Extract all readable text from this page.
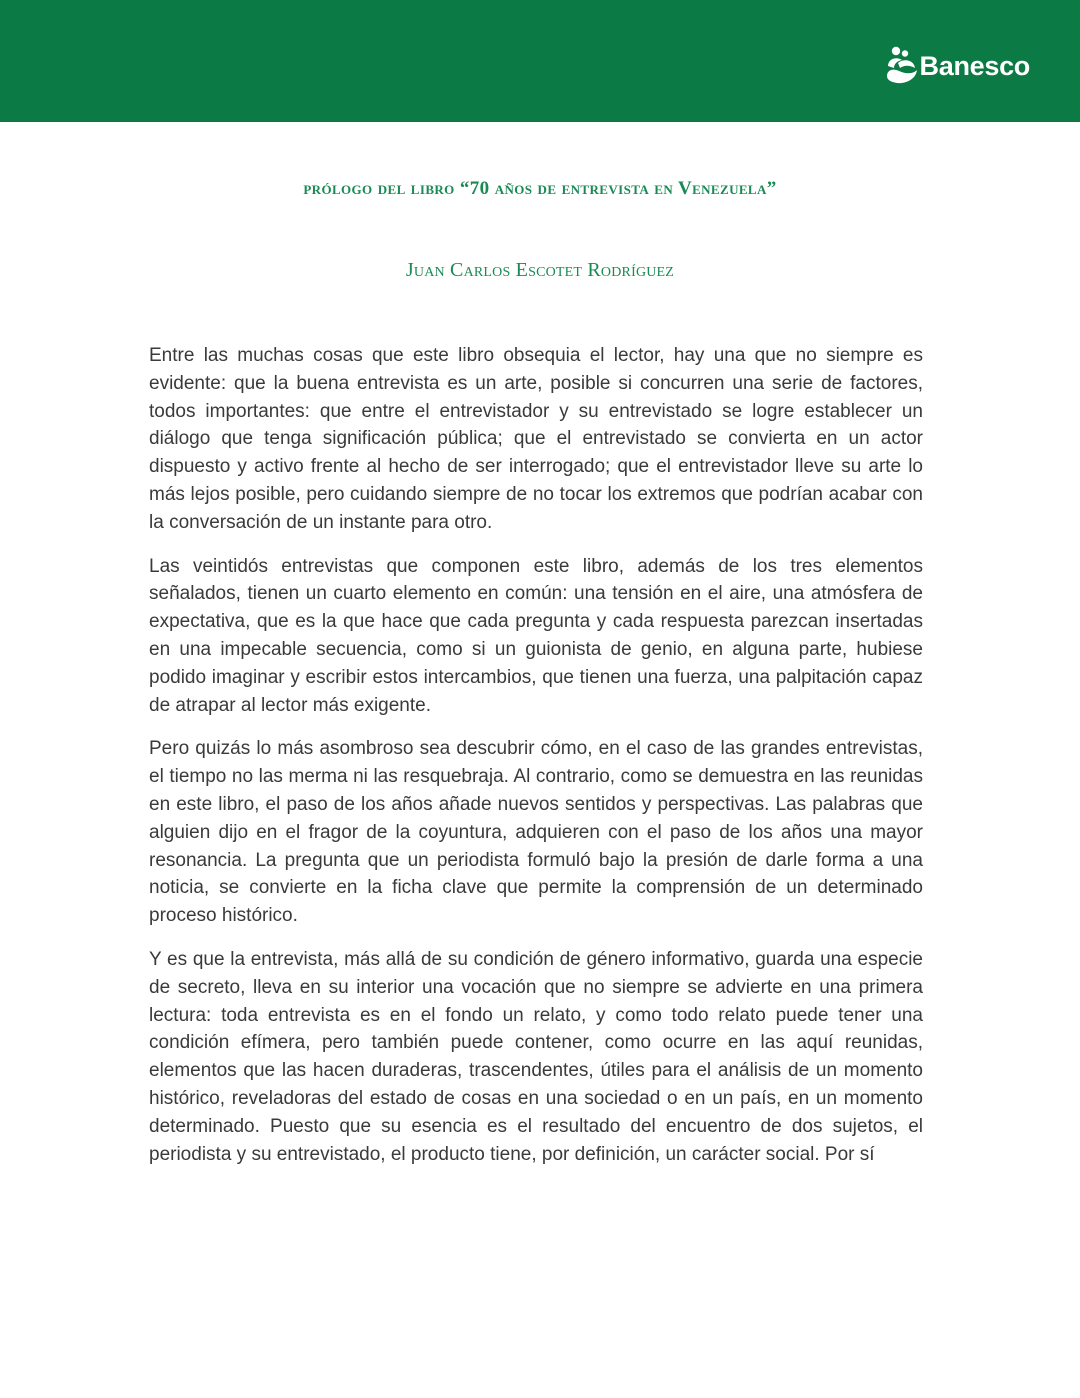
Banesco
prólogo del libro “70 años de entrevista en Venezuela”
Juan Carlos Escotet Rodríguez

Entre las muchas cosas que este libro obsequia el lector, hay una que no siempre es evidente: que la buena entrevista es un arte, posible si concurren una serie de factores, todos importantes: que entre el entrevistador y su entrevistado se logre establecer un diálogo que tenga significación pública; que el entrevistado se convierta en un actor dispuesto y activo frente al hecho de ser interrogado; que el entrevistador lleve su arte lo más lejos posible, pero cuidando siempre de no tocar los extremos que podrían acabar con la conversación de un instante para otro.

Las veintidós entrevistas que componen este libro, además de los tres elementos señalados, tienen un cuarto elemento en común: una tensión en el aire, una atmósfera de expectativa, que es la que hace que cada pregunta y cada respuesta parezcan insertadas en una impecable secuencia, como si un guionista de genio, en alguna parte, hubiese podido imaginar y escribir estos intercambios, que tienen una fuerza, una palpitación capaz de atrapar al lector más exigente.

Pero quizás lo más asombroso sea descubrir cómo, en el caso de las grandes entrevistas, el tiempo no las merma ni las resquebraja. Al contrario, como se demuestra en las reunidas en este libro, el paso de los años añade nuevos sentidos y perspectivas. Las palabras que alguien dijo en el fragor de la coyuntura, adquieren con el paso de los años una mayor resonancia. La pregunta que un periodista formuló bajo la presión de darle forma a una noticia, se convierte en la ficha clave que permite la comprensión de un determinado proceso histórico.

Y es que la entrevista, más allá de su condición de género informativo, guarda una especie de secreto, lleva en su interior una vocación que no siempre se advierte en una primera lectura: toda entrevista es en el fondo un relato, y como todo relato puede tener una condición efímera, pero también puede contener, como ocurre en las aquí reunidas, elementos que las hacen duraderas, trascendentes, útiles para el análisis de un momento histórico, reveladoras del estado de cosas en una sociedad o en un país, en un momento determinado. Puesto que su esencia es el resultado del encuentro de dos sujetos, el periodista y su entrevistado, el producto tiene, por definición, un carácter social. Por sí
